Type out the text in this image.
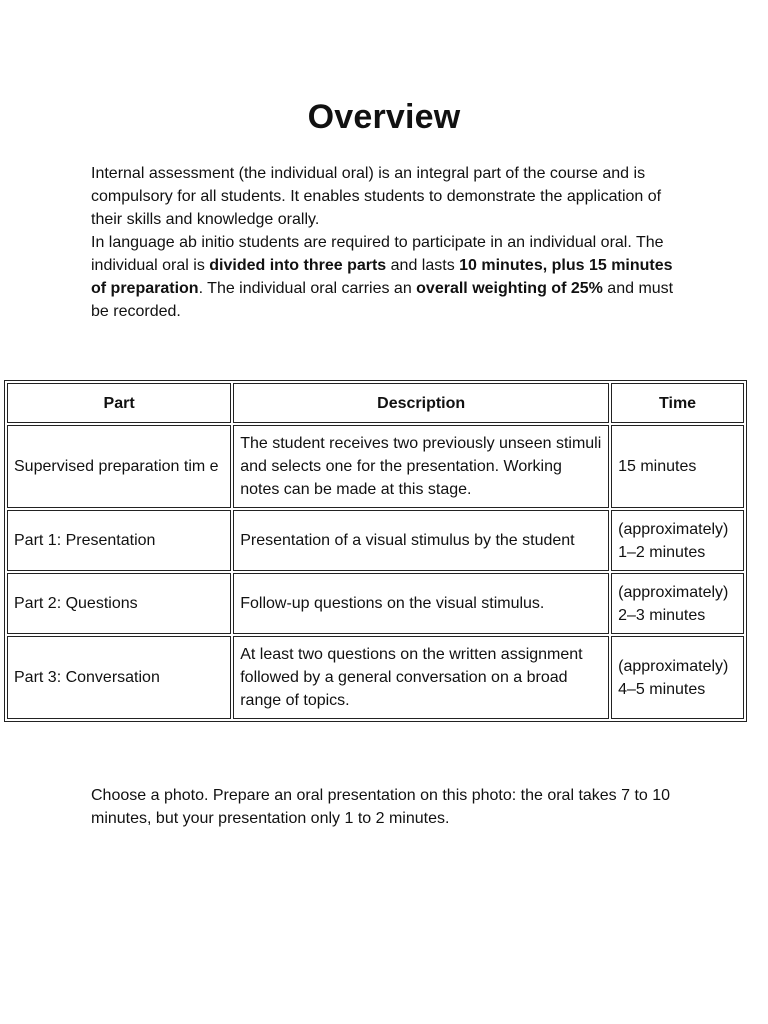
Overview

Internal assessment (the individual oral) is an integral part of the course and is compulsory for all students. It enables students to demonstrate the application of their skills and knowledge orally.

In language ab initio students are required to participate in an individual oral. The individual oral is divided into three parts and lasts 10 minutes, plus 15 minutes of preparation. The individual oral carries an overall weighting of 25% and must be recorded.

Part	Description	Time
Supervised preparation tim e	The student receives two previously unseen stimuli and selects one for the presentation. Working notes can be made at this stage.	15 minutes
Part 1: Presentation	Presentation of a visual stimulus by the student	(approximately) 1–2 minutes
Part 2: Questions	Follow-up questions on the visual stimulus.	(approximately) 2–3 minutes
Part 3: Conversation	At least two questions on the written assignment followed by a general conversation on a broad range of topics.	(approximately) 4–5 minutes

Choose a photo. Prepare an oral presentation on this photo: the oral takes 7 to 10 minutes, but your presentation only 1 to 2 minutes.
